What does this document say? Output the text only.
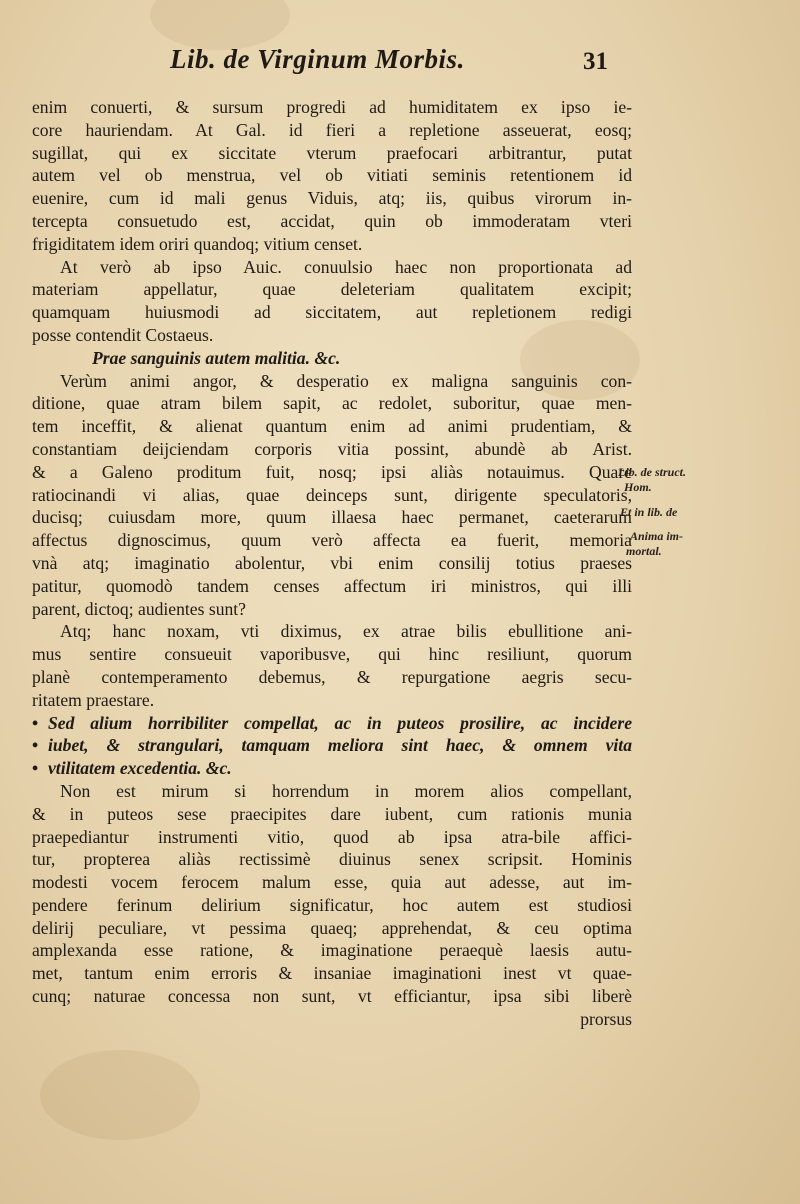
Lib. de Virginum Morbis.	31
enim conuerti, & sursum progredi ad humiditatem ex ipso ie-
core hauriendam. At Gal. id fieri a repletione asseuerat, eosq;
sugillat, qui ex siccitate vterum praefocari arbitrantur, putat
autem vel ob menstrua, vel ob vitiati seminis retentionem id
euenire, cum id mali genus Viduis, atq; iis, quibus virorum in-
tercepta consuetudo est, accidat, quin ob immoderatam vteri
frigiditatem idem oriri quandoq; vitium censet.
At verò ab ipso Auic. conuulsio haec non proportionata ad
materiam appellatur, quae deleteriam qualitatem excipit;
quamquam huiusmodi ad siccitatem, aut repletionem redigi
posse contendit Costaeus.
Prae sanguinis autem malitia. &c.
Verùm animi angor, & desperatio ex maligna sanguinis con-
ditione, quae atram bilem sapit, ac redolet, suboritur, quae men-
tem inceffit, & alienat quantum enim ad animi prudentiam, &
constantiam deijciendam corporis vitia possint, abundè ab Arist.
& a Galeno proditum fuit, nosq; ipsi aliàs notauimus. Quare
ratiocinandi vi alias, quae deinceps sunt, dirigente speculatoris,
ducisq; cuiusdam more, quum illaesa haec permanet, caeterarum
affectus dignoscimus, quum verò affecta ea fuerit, memoria
vnà atq; imaginatio abolentur, vbi enim consilij totius praeses
patitur, quomodò tandem censes affectum iri ministros, qui illi
parent, dictoq; audientes sunt?
Atq; hanc noxam, vti diximus, ex atrae bilis ebullitione ani-
mus sentire consueuit vaporibusve, qui hinc resiliunt, quorum
planè contemperamento debemus, & repurgatione aegris secu-
ritatem praestare.
• Sed alium horribiliter compellat, ac in puteos prosilire, ac incidere
• iubet, & strangulari, tamquam meliora sint haec, & omnem vita
• vtilitatem excedentia. &c.
Non est mirum si horrendum in morem alios compellant,
& in puteos sese praecipites dare iubent, cum rationis munia
praepediantur instrumenti vitio, quod ab ipsa atra-bile affici-
tur, propterea aliàs rectissimè diuinus senex scripsit. Hominis
modesti vocem ferocem malum esse, quia aut adesse, aut im-
pendere ferinum delirium significatur, hoc autem est studiosi
delirij peculiare, vt pessima quaeq; apprehendat, & ceu optima
amplexanda esse ratione, & imaginatione peraequè laesis autu-
met, tantum enim erroris & insaniae imaginationi inest vt quae-
cunq; naturae concessa non sunt, vt efficiantur, ipsa sibi liberè
prorsus
Lib. de struct.
Hom.
Et in lib. de
Anima im-
mortal.
